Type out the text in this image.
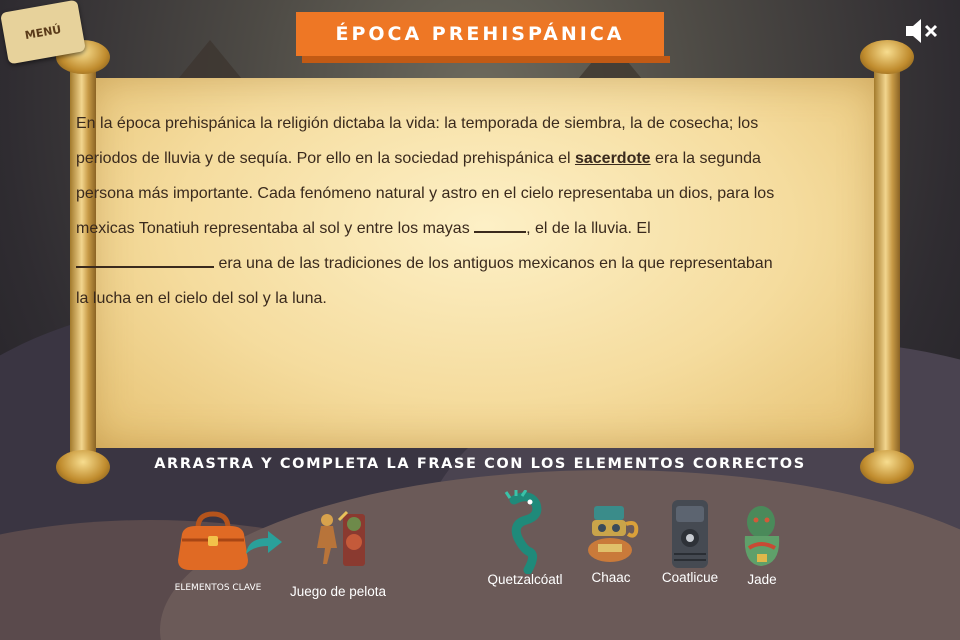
En la época prehispánica la religión dictaba la vida: la temporada de siembra, la de cosecha; los periodos de lluvia y de sequía. Por ello en la sociedad prehispánica el sacerdote era la segunda persona más importante. Cada fenómeno natural y astro en el cielo representaba un dios, para los mexicas Tonatiuh representaba al sol y entre los mayas	, el de la lluvia. El  era una de las tradiciones de los antiguos mexicanos en la que representaban la lucha en el cielo del sol y la luna.
ÉPOCA PREHISPÁNICA
MENÚ
ARRASTRA Y COMPLETA LA FRASE CON LOS ELEMENTOS CORRECTOS
ELEMENTOS CLAVE	Juego de pelota
Quetzalcóatl	Chaac	Coatlicue	Jade
